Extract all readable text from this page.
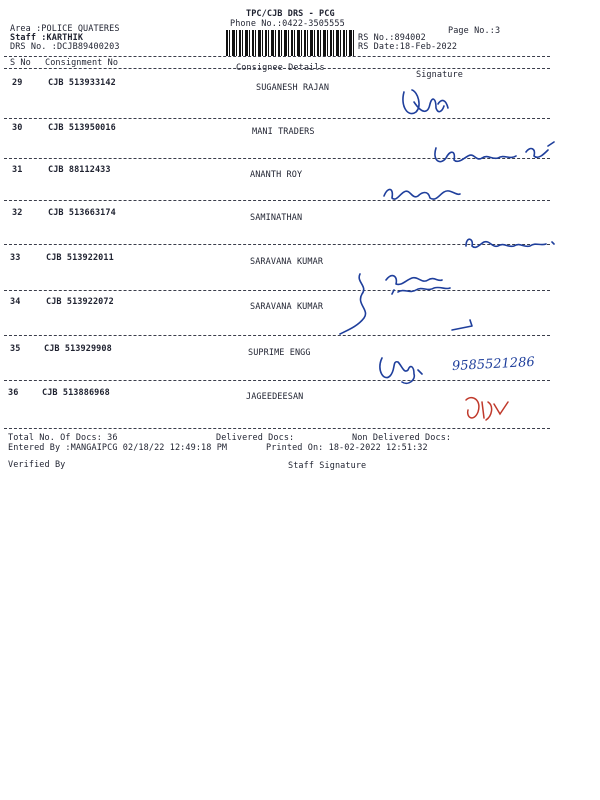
Area :POLICE QUATERES
Staff :KARTHIK
DRS No. :DCJB89400203
TPC/CJB DRS - PCG
Phone No.:0422-3505555
Page No.:3
RS No.:894002
RS Date:18-Feb-2022
S No Consignment No	Consignee Details
Signature
29	CJB 513933142	SUGANESH RAJAN
30	CJB 513950016	MANI TRADERS
31	CJB 88112433	ANANTH ROY
32	CJB 513663174	SAMINATHAN
33	CJB 513922011	SARAVANA KUMAR
34	CJB 513922072	SARAVANA KUMAR
35	CJB 513929908	SUPRIME ENGG
36	CJB 513886968	JAGEEDEESAN
9585521286
Total No. Of Docs: 36	Delivered Docs:	Non Delivered Docs:
Entered By :MANGAIPCG 02/18/22 12:49:18 PM	Printed On: 18-02-2022 12:51:32
Verified By	Staff Signature
